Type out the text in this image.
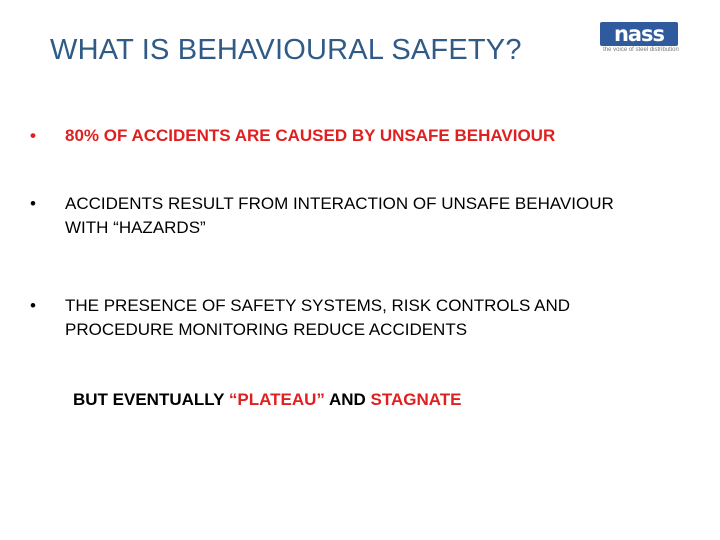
WHAT IS BEHAVIOURAL SAFETY?	nass
the voice of steel distribution
•	80% OF ACCIDENTS ARE CAUSED BY UNSAFE BEHAVIOUR
•	ACCIDENTS RESULT FROM INTERACTION OF UNSAFE BEHAVIOUR WITH “HAZARDS”
•	THE PRESENCE OF SAFETY SYSTEMS, RISK CONTROLS AND PROCEDURE MONITORING REDUCE ACCIDENTS
BUT EVENTUALLY “PLATEAU” AND STAGNATE
